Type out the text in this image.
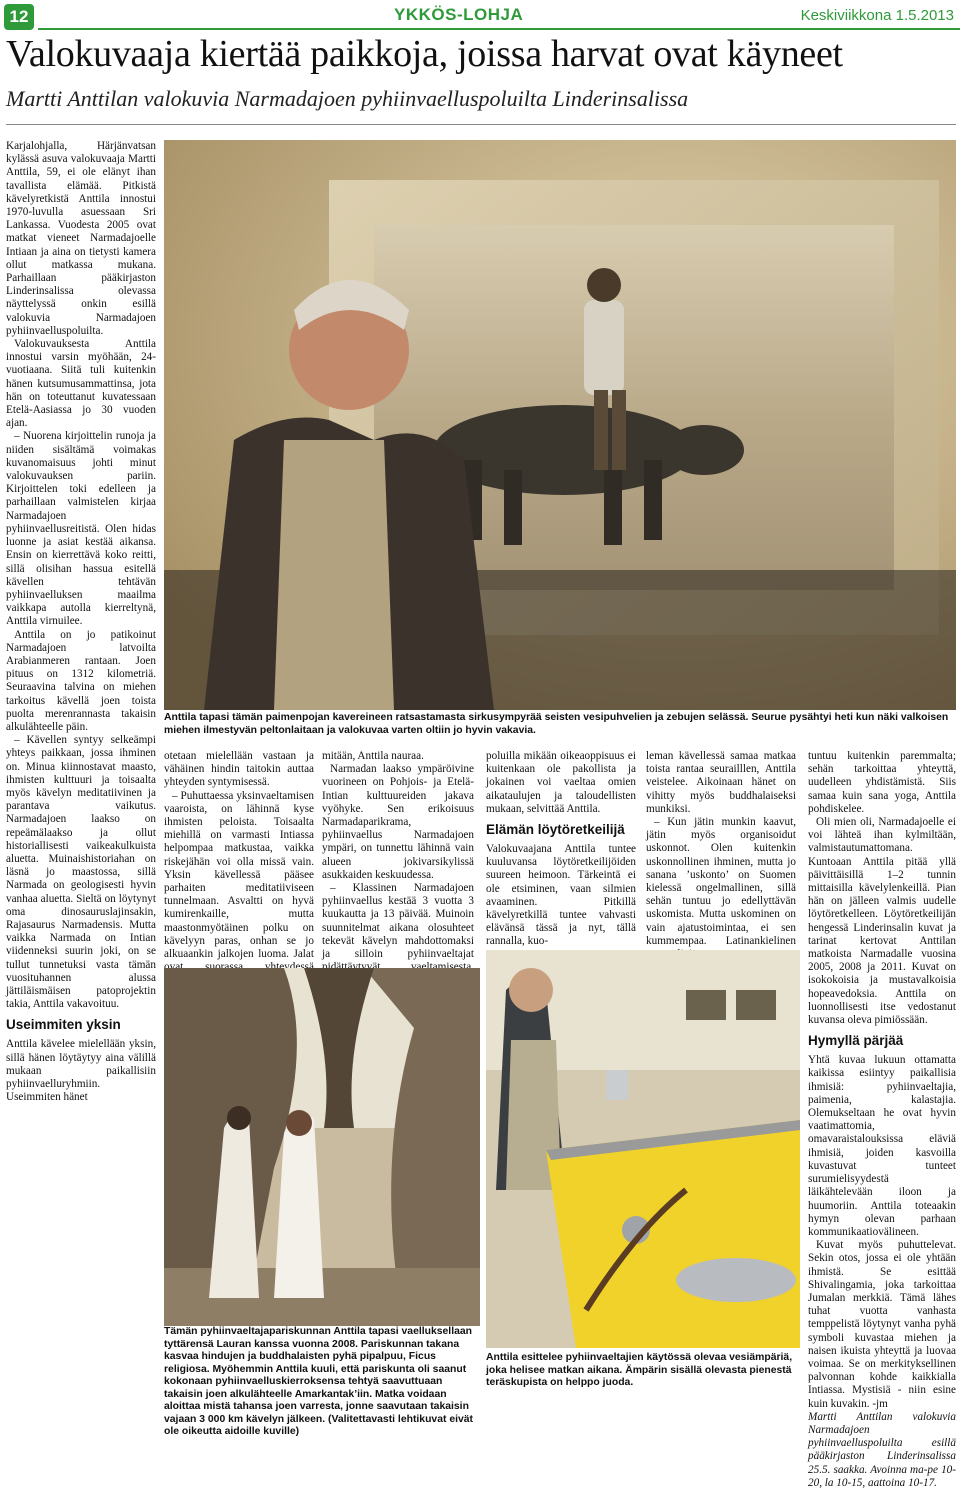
12	YKKÖS-LOHJA	Keskiviikkona 1.5.2013
Valokuvaaja kiertää paikkoja, joissa harvat ovat käyneet
Martti Anttilan valokuvia Narmadajoen pyhiinvaelluspoluilta Linderinsalissa

Karjalohjalla, Härjänvatsan kylässä asuva valokuvaaja Martti Anttila, 59, ei ole elänyt ihan tavallista elämää. Pitkistä kävelyretkistä Anttila innostui 1970-luvulla asuessaan Sri Lankassa. Vuodesta 2005 ovat matkat vieneet Narmadajoelle Intiaan ja aina on tietysti kamera ollut matkassa mukana. Parhaillaan pääkirjaston Linderinsalissa olevassa näyttelyssä onkin esillä valokuvia Narmadajoen pyhiinvaelluspoluilta.

Valokuvauksesta Anttila innostui varsin myöhään, 24-vuotiaana. Siitä tuli kuitenkin hänen kutsumusammattinsa, jota hän on toteuttanut kuvatessaan Etelä-Aasiassa jo 30 vuoden ajan.

– Nuorena kirjoittelin runoja ja niiden sisältämä voimakas kuvanomaisuus johti minut valokuvauksen pariin. Kirjoittelen toki edelleen ja parhaillaan valmistelen kirjaa Narmadajoen pyhiinvaellusreitistä. Olen hidas luonne ja asiat kestää aikansa. Ensin on kierrettävä koko reitti, sillä olisihan hassua esitellä kävellen tehtävän pyhiinvaelluksen maailma vaikkapa autolla kierreltynä, Anttila virnuilee.

Anttila on jo patikoinut Narmadajoen latvoilta Arabianmeren rantaan. Joen pituus on 1312 kilometriä. Seuraavina talvina on miehen tarkoitus kävellä joen toista puolta merenrannasta takaisin alkulähteelle päin.

– Kävellen syntyy selkeämpi yhteys paikkaan, jossa ihminen on. Minua kiinnostavat maasto, ihmisten kulttuuri ja toisaalta myös kävelyn meditatiivinen ja parantava vaikutus. Narmadajoen laakso on repeämälaakso ja ollut historiallisesti vaikeakulkuista aluetta. Muinaishistoriahan on läsnä jo maastossa, sillä Narmada on geologisesti hyvin vanhaa aluetta. Sieltä on löytynyt oma dinosauruslajinsakin, Rajasaurus Narmadensis. Mutta vaikka Narmada on Intian viidenneksi suurin joki, on se tullut tunnetuksi vasta tämän vuosituhannen alussa jättiläismäisen patoprojektin takia, Anttila vakavoituu.

Useimmiten yksin

Anttila kävelee mielellään yksin, sillä hänen löytäytyy aina välillä mukaan paikallisiin pyhiinvaelluryhmiin. Useimmiten hänet

Anttila tapasi tämän paimenpojan kavereineen ratsastamasta sirkusympyrää seisten vesipuhvelien ja zebujen selässä. Seurue pysähtyi heti kun näki valkoisen miehen ilmestyvän peltonlaitaan ja valokuvaa varten oltiin jo hyvin vakavia.

otetaan mielellään vastaan ja vähäinen hindin taitokin auttaa yhteyden syntymisessä.

– Puhuttaessa yksinvaeltamisen vaaroista, on lähinnä kyse ihmisten peloista. Toisaalta miehillä on varmasti Intiassa helpompaa matkustaa, vaikka riskejähän voi olla missä vain. Yksin kävellessä pääsee parhaiten meditatiiviseen tunnelmaan. Asvaltti on hyvä kumirenkaille, mutta maastonmyötäinen polku on kävelyyn paras, onhan se jo alkuaankin jalkojen luoma. Jalat

mitään, Anttila nauraa.

Narmadan laakso ympäröivine vuorineen on Pohjois- ja Etelä-Intian kulttuureiden jakava vyöhyke. Sen erikoisuus Narmadaparikrama, pyhiinvaellus Narmadajoen ympäri, on tunnettu lähinnä vain alueen jokivarsikylissä asukkaiden keskuudessa.

– Klassinen Narmadajoen pyhiinvaellus kestää 3 vuotta 3 kuukautta ja 13 päivää. Muinoin suunnitelmat aikana olosuhteet tekevät kävelyn mahdottomaksi ja silloin pyhiinvaeltajat

poluilla mikään oikeaoppisuus ei kuitenkaan ole pakollista ja jokainen voi vaeltaa omien aikataulujen ja taloudellisten mukaan, selvittää Anttila.

Elämän löytöretkeilijä

Valokuvaajana Anttila tuntee kuuluvansa löytöretkeilijöiden suureen heimoon. Tärkeintä ei ole etsiminen, vaan silmien avaaminen. Pitkillä kävelyretkillä tuntee vahvasti elävänsä tässä ja nyt, tällä rannalla, kuo-

leman kävellessä samaa matkaa toista rantaa seurailllen, Anttila veistelee. Aikoinaan hänet on vihitty myös buddhalaiseksi munkiksi.

– Kun jätin munkin kaavut, jätin myös organisoidut uskonnot. Olen kuitenkin uskonnollinen ihminen, mutta jo sanana ’uskonto’ on Suomen kielessä ongelmallinen, sillä sehän tuntuu jo edellyttävän uskomista. Mutta uskominen on vain ajatustoimintaa, ei sen kummempaa. Latinankielinen

tuntuu kuitenkin paremmalta; sehän tarkoittaa yhteyttä, uudelleen yhdistämistä. Siis samaa kuin sana yoga, Anttila pohdiskelee.

Oli mien oli, Narmadajoelle ei voi lähteä ihan kylmiltään, valmistautumattomana. Kuntoaan Anttila pitää yllä päivittäisillä 1–2 tunnin mittaisilla kävelylenkeillä. Pian hän on jälleen valmis uudelle löytöretkelleen. Löytöretkeilijän hengessä Linderinsalin kuvat ja tarinat kertovat Anttilan matkoista Narmadalle vuosina 2005, 2008 ja 2011. Kuvat on isokokoisia ja mustavalkoisia hopeavedoksia. Anttila on luonnollisesti itse vedostanut kuvansa oleva pimiössään.

Hymyllä pärjää

Yhtä kuvaa lukuun ottamatta kaikissa esiintyy paikallisia ihmisiä: pyhiinvaeltajia, paimenia, kalastajia. Olemukseltaan he ovat hyvin vaatimattomia, omavaraistalouksissa eläviä ihmisiä, joiden kasvoilla kuvastuvat tunteet surumielisyydestä läikähtelevään iloon ja huumoriin. Anttila toteaakin hymyn olevan parhaan kommunikaatiovälineen.

Kuvat myös puhuttelevat. Sekin otos, jossa ei ole yhtään ihmistä. Se esittää Shivalingamia, joka tarkoittaa Jumalan merkkiä. Tämä lähes tuhat vuotta vanhasta temppelistä löytynyt vanha pyhä symboli kuvastaa miehen ja naisen ikuista yhteyttä ja luovaa voimaa. Se on merkityksellinen palvonnan kohde kaikkialla Intiassa. Mystisiä - niin esine kuin kuvakin. -jm

Martti Anttilan valokuvia Narmadajoen pyhiinvaelluspoluilta esillä pääkirjaston Linderinsalissa 25.5. saakka. Avoinna ma-pe 10-20, la 10-15, aattoina 10-17.

Tämän pyhiinvaeltajapariskunnan Anttila tapasi vaelluksellaan tyttärensä Lauran kanssa vuonna 2008. Pariskunnan takana kasvaa hindujen ja buddhalaisten pyhä pipalpuu, Ficus religiosa. Myöhemmin Anttila kuuli, että pariskunta oli saanut kokonaan pyhiinvaelluskierroksensa tehtyä saavuttuaan takaisin joen alkulähteelle Amarkantak’iin. Matka voidaan aloittaa mistä tahansa joen varresta, jonne saavutaan takaisin vajaan 3 000 km kävelyn jälkeen. (Valitettavasti lehtikuvat eivät ole oikeutta aidoille kuville)
Anttila esittelee pyhiinvaeltajien käytössä olevaa vesiämpäriä, joka helisee matkan aikana. Ämpärin sisällä olevasta pienestä teräskupista on helppo juoda.
